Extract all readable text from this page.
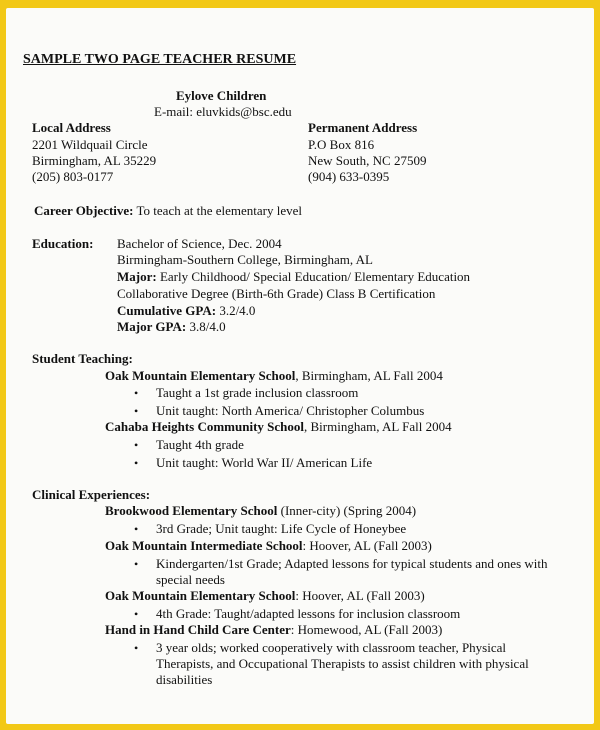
SAMPLE TWO PAGE TEACHER RESUME
Eylove Children
E-mail: eluvkids@bsc.edu
Local Address
2201 Wildquail Circle
Birmingham, AL 35229
(205) 803-0177
Permanent Address
P.O Box 816
New South, NC 27509
(904) 633-0395
Career Objective: To teach at the elementary level
Education: Bachelor of Science, Dec. 2004
Birmingham-Southern College, Birmingham, AL
Major: Early Childhood/ Special Education/ Elementary Education
Collaborative Degree (Birth-6th Grade) Class B Certification
Cumulative GPA: 3.2/4.0
Major GPA: 3.8/4.0
Student Teaching:
Oak Mountain Elementary School, Birmingham, AL Fall 2004
• Taught a 1st grade inclusion classroom
• Unit taught: North America/ Christopher Columbus
Cahaba Heights Community School, Birmingham, AL Fall 2004
• Taught 4th grade
• Unit taught: World War II/ American Life
Clinical Experiences:
Brookwood Elementary School (Inner-city) (Spring 2004)
• 3rd Grade; Unit taught: Life Cycle of Honeybee
Oak Mountain Intermediate School: Hoover, AL (Fall 2003)
• Kindergarten/1st Grade; Adapted lessons for typical students and ones with
special needs
Oak Mountain Elementary School: Hoover, AL (Fall 2003)
• 4th Grade: Taught/adapted lessons for inclusion classroom
Hand in Hand Child Care Center: Homewood, AL (Fall 2003)
• 3 year olds; worked cooperatively with classroom teacher, Physical
Therapists, and Occupational Therapists to assist children with physical
disabilities
